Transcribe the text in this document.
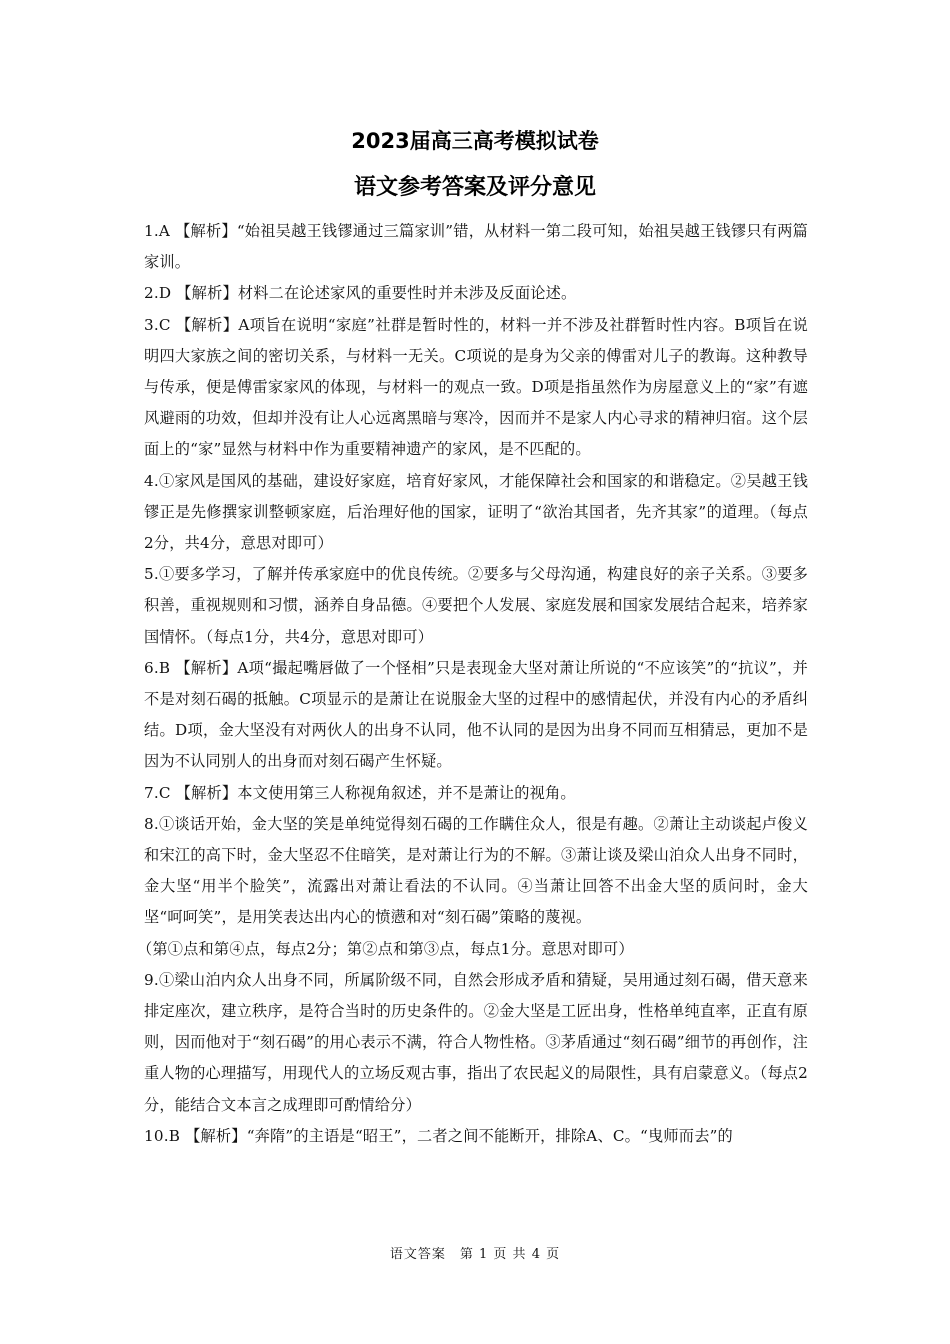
2023届高三高考模拟试卷
语文参考答案及评分意见

1.A 【解析】“始祖吴越王钱镠通过三篇家训”错，从材料一第二段可知，始祖吴越王钱镠只有两篇家训。

2.D 【解析】材料二在论述家风的重要性时并未涉及反面论述。

3.C 【解析】A项旨在说明“家庭”社群是暂时性的，材料一并不涉及社群暂时性内容。B项旨在说明四大家族之间的密切关系，与材料一无关。C项说的是身为父亲的傅雷对儿子的教诲。这种教导与传承，便是傅雷家家风的体现，与材料一的观点一致。D项是指虽然作为房屋意义上的“家”有遮风避雨的功效，但却并没有让人心远离黑暗与寒冷，因而并不是家人内心寻求的精神归宿。这个层面上的“家”显然与材料中作为重要精神遗产的家风，是不匹配的。

4.①家风是国风的基础，建设好家庭，培育好家风，才能保障社会和国家的和谐稳定。②吴越王钱镠正是先修撰家训整顿家庭，后治理好他的国家，证明了“欲治其国者，先齐其家”的道理。（每点2分，共4分，意思对即可）

5.①要多学习，了解并传承家庭中的优良传统。②要多与父母沟通，构建良好的亲子关系。③要多积善，重视规则和习惯，涵养自身品德。④要把个人发展、家庭发展和国家发展结合起来，培养家国情怀。（每点1分，共4分，意思对即可）

6.B 【解析】A项“撮起嘴唇做了一个怪相”只是表现金大坚对萧让所说的“不应该笑”的“抗议”，并不是对刻石碣的抵触。C项显示的是萧让在说服金大坚的过程中的感情起伏，并没有内心的矛盾纠结。D项，金大坚没有对两伙人的出身不认同，他不认同的是因为出身不同而互相猜忌，更加不是因为不认同别人的出身而对刻石碣产生怀疑。

7.C 【解析】本文使用第三人称视角叙述，并不是萧让的视角。

8.①谈话开始，金大坚的笑是单纯觉得刻石碣的工作瞒住众人，很是有趣。②萧让主动谈起卢俊义和宋江的高下时，金大坚忍不住暗笑，是对萧让行为的不解。③萧让谈及梁山泊众人出身不同时，金大坚“用半个脸笑”，流露出对萧让看法的不认同。④当萧让回答不出金大坚的质问时，金大坚“呵呵笑”，是用笑表达出内心的愤懑和对“刻石碣”策略的蔑视。

（第①点和第④点，每点2分；第②点和第③点，每点1分。意思对即可）

9.①梁山泊内众人出身不同，所属阶级不同，自然会形成矛盾和猜疑，吴用通过刻石碣，借天意来排定座次，建立秩序，是符合当时的历史条件的。②金大坚是工匠出身，性格单纯直率，正直有原则，因而他对于“刻石碣”的用心表示不满，符合人物性格。③茅盾通过“刻石碣”细节的再创作，注重人物的心理描写，用现代人的立场反观古事，指出了农民起义的局限性，具有启蒙意义。（每点2分，能结合文本言之成理即可酌情给分）

10.B 【解析】“奔隋”的主语是“昭王”，二者之间不能断开，排除A、C。“曳师而去”的

语文答案　第 1 页 共 4 页
